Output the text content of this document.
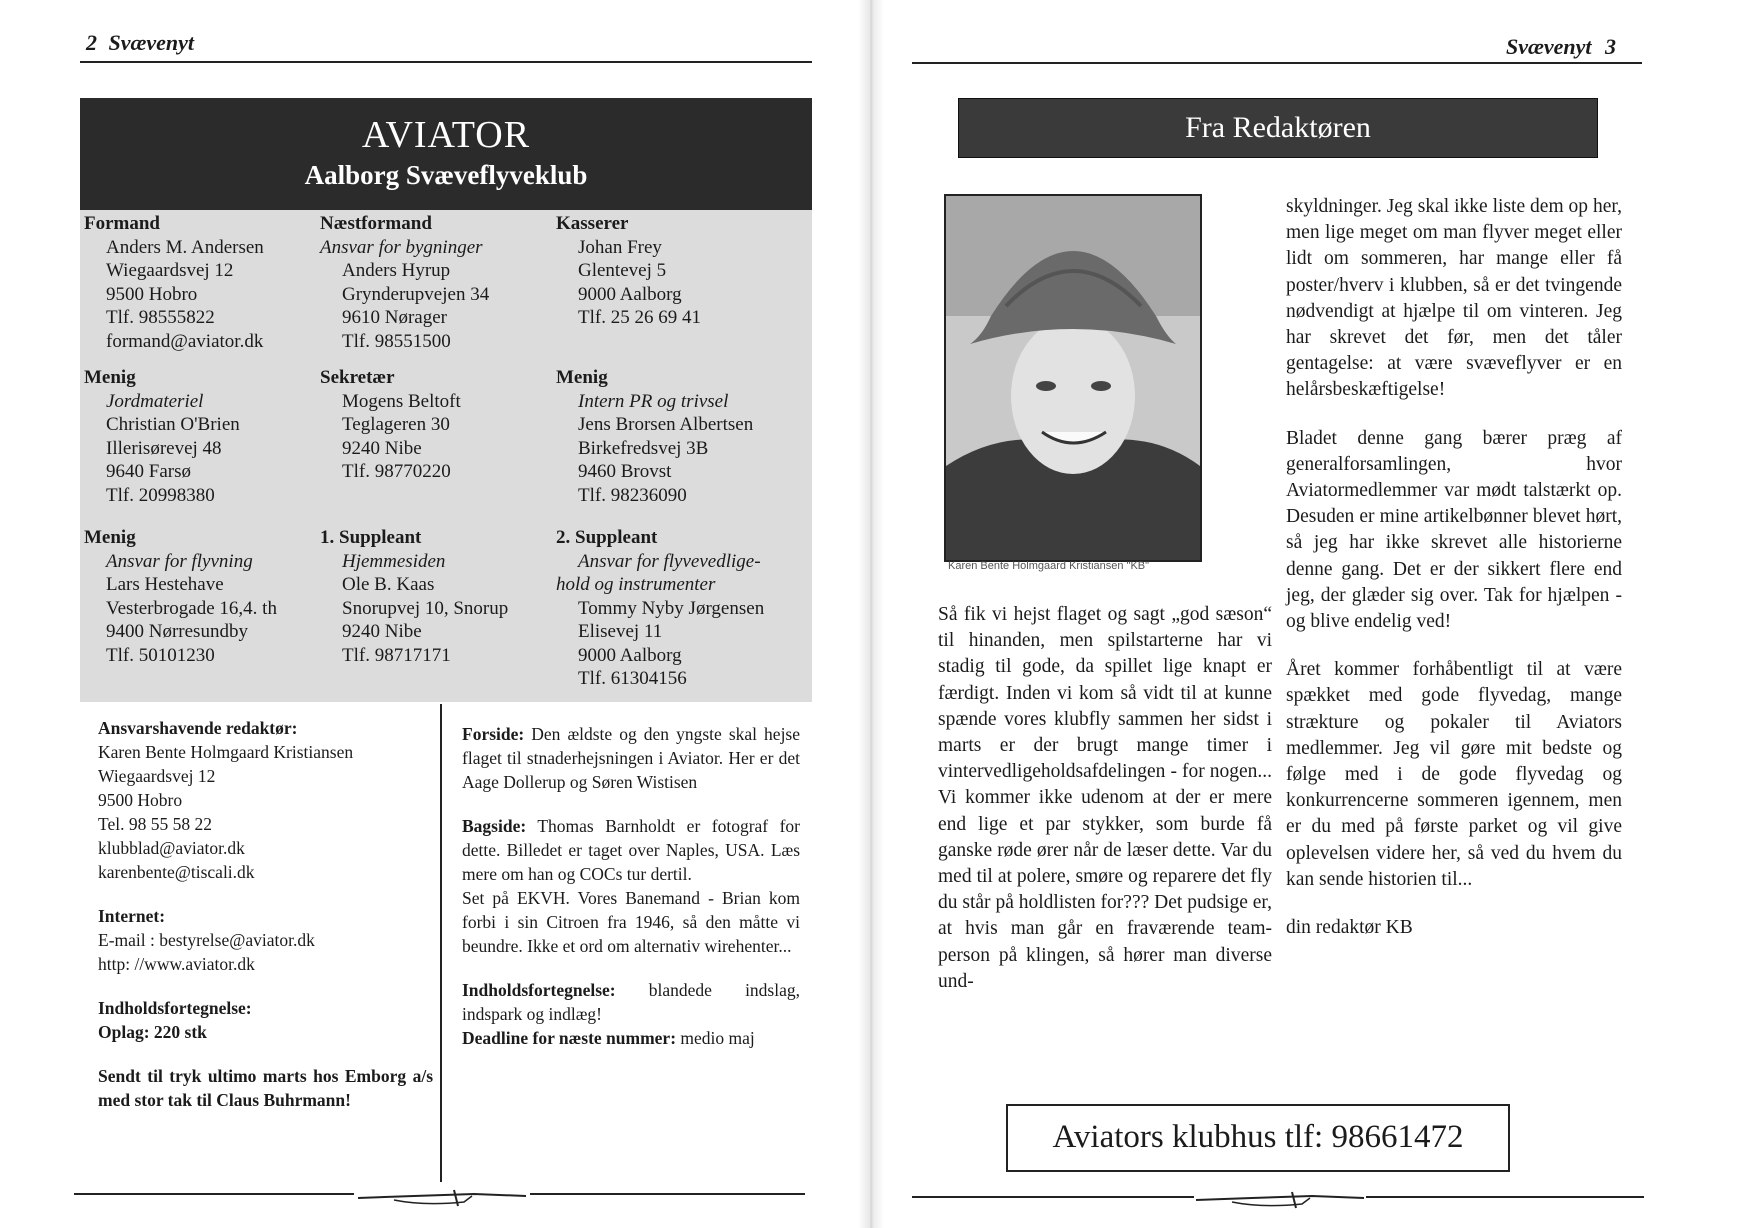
2 Svævenyt
AVIATOR
Aalborg Svæveflyveklub
Formand
Anders M. Andersen
Wiegaardsvej 12
9500 Hobro
Tlf. 98555822
formand@aviator.dk
Menig
Jordmateriel
Christian O'Brien
Illerisørevej 48
9640 Farsø
Tlf. 20998380
Menig
Ansvar for flyvning
Lars Hestehave
Vesterbrogade 16,4. th
9400 Nørresundby
Tlf. 50101230
Næstformand
Ansvar for bygninger
Anders Hyrup
Grynderupvejen 34
9610 Nørager
Tlf. 98551500
Sekretær
Mogens Beltoft
Teglageren 30
9240 Nibe
Tlf. 98770220
1. Suppleant
Hjemmesiden
Ole B. Kaas
Snorupvej 10, Snorup
9240 Nibe
Tlf. 98717171
Kasserer
Johan Frey
Glentevej 5
9000 Aalborg
Tlf. 25 26 69 41
Menig
Intern PR og trivsel
Jens Brorsen Albertsen
Birkefredsvej 3B
9460 Brovst
Tlf. 98236090
2. Suppleant
Ansvar for flyvevedlige-
hold og instrumenter
Tommy Nyby Jørgensen
Elisevej 11
9000 Aalborg
Tlf. 61304156
Ansvarshavende redaktør:
Karen Bente Holmgaard Kristiansen
Wiegaardsvej 12
9500 Hobro
Tel. 98 55 58 22
klubblad@aviator.dk
karenbente@tiscali.dk
Internet:
E-mail : bestyrelse@aviator.dk
http: //www.aviator.dk
Indholdsfortegnelse:
Oplag: 220 stk
Sendt til tryk ultimo marts hos Emborg a/s med stor tak til Claus Buhrmann!
Forside: Den ældste og den yngste skal hejse flaget til stnaderhejsningen i Aviator. Her er det Aage Dollerup og Søren Wistisen
Bagside: Thomas Barnholdt er fotograf for dette. Billedet er taget over Naples, USA. Læs mere om han og COCs tur dertil.
Set på EKVH. Vores Banemand - Brian kom forbi i sin Citroen fra 1946, så den måtte vi beundre. Ikke et ord om alternativ wirehenter...
Indholdsfortegnelse: blandede indslag, indspark og indlæg!
Deadline for næste nummer: medio maj
Svævenyt 3
Fra Redaktøren
Karen Bente Holmgaard Kristiansen "KB"
Så fik vi hejst flaget og sagt „god sæson“ til hinanden, men spilstarterne har vi stadig til gode, da spillet lige knapt er færdigt. Inden vi kom så vidt til at kunne spænde vores klubfly sammen her sidst i marts er der brugt mange timer i vintervedligeholdsafdelingen - for nogen... Vi kommer ikke udenom at der er mere end lige et par stykker, som burde få ganske røde ører når de læser dette. Var du med til at polere, smøre og reparere det fly du står på holdlisten for??? Det pudsige er, at hvis man går en fraværende team-person på klingen, så hører man diverse und-

skyldninger. Jeg skal ikke liste dem op her, men lige meget om man flyver meget eller lidt om sommeren, har mange eller få poster/hverv i klubben, så er det tvingende nødvendigt at hjælpe til om vinteren. Jeg har skrevet det før, men det tåler gentagelse: at være svæveflyver er en helårsbeskæftigelse!

Bladet denne gang bærer præg af generalforsamlingen, hvor Aviatormedlemmer var mødt talstærkt op. Desuden er mine artikelbønner blevet hørt, så jeg har ikke skrevet alle historierne denne gang. Det er der sikkert flere end jeg, der glæder sig over. Tak for hjælpen - og blive endelig ved!

Året kommer forhåbentligt til at være spækket med gode flyvedag, mange strækture og pokaler til Aviators medlemmer. Jeg vil gøre mit bedste og følge med i de gode flyvedag og konkurrencerne sommeren igennem, men er du med på første parket og vil give oplevelsen videre her, så ved du hvem du kan sende historien til...

din redaktør KB

Aviators klubhus tlf: 98661472
